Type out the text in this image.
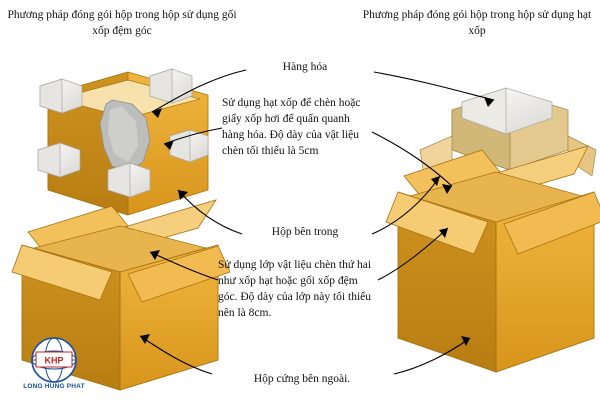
KHP
Phương pháp đóng gói hộp trong hộp sử dụng gối xốp đệm góc
Phương pháp đóng gói hộp trong hộp sử dụng hạt xốp
Hàng hóa
Sử dụng hạt xốp để chèn hoặc giấy xốp hơi để quấn quanh hàng hóa. Độ dày của vật liệu chèn tối thiểu là 5cm
Hộp bên trong
Sử dụng lớp vật liệu chèn thứ hai như xốp hạt hoặc gối xốp đệm góc. Độ dày của lớp này tối thiểu nên là 8cm.
Hộp cứng bên ngoài.
LONG HUNG PHAT
